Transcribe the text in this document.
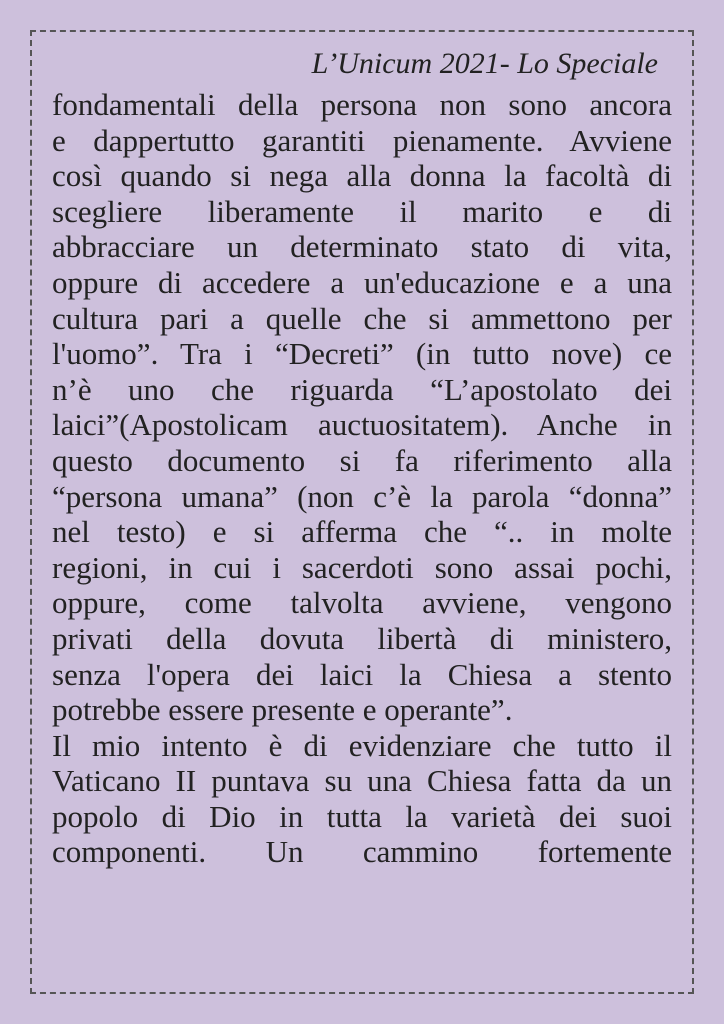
L’Unicum 2021- Lo Speciale
fondamentali della persona non sono ancora
e dappertutto garantiti pienamente. Avviene
così quando si nega alla donna la facoltà di
scegliere liberamente il marito e di
abbracciare un determinato stato di vita,
oppure di accedere a un'educazione e a una
cultura pari a quelle che si ammettono per
l'uomo”. Tra i “Decreti” (in tutto nove) ce
n’è uno che riguarda “L’apostolato dei
laici”(Apostolicam auctuositatem). Anche in
questo documento si fa riferimento alla
“persona umana” (non c’è la parola “donna”
nel testo) e si afferma che “.. in molte
regioni, in cui i sacerdoti sono assai pochi,
oppure, come talvolta avviene, vengono
privati della dovuta libertà di ministero,
senza l'opera dei laici la Chiesa a stento
potrebbe essere presente e operante”.
Il mio intento è di evidenziare che tutto il
Vaticano II puntava su una Chiesa fatta da un
popolo di Dio in tutta la varietà dei suoi
componenti. Un cammino fortemente
